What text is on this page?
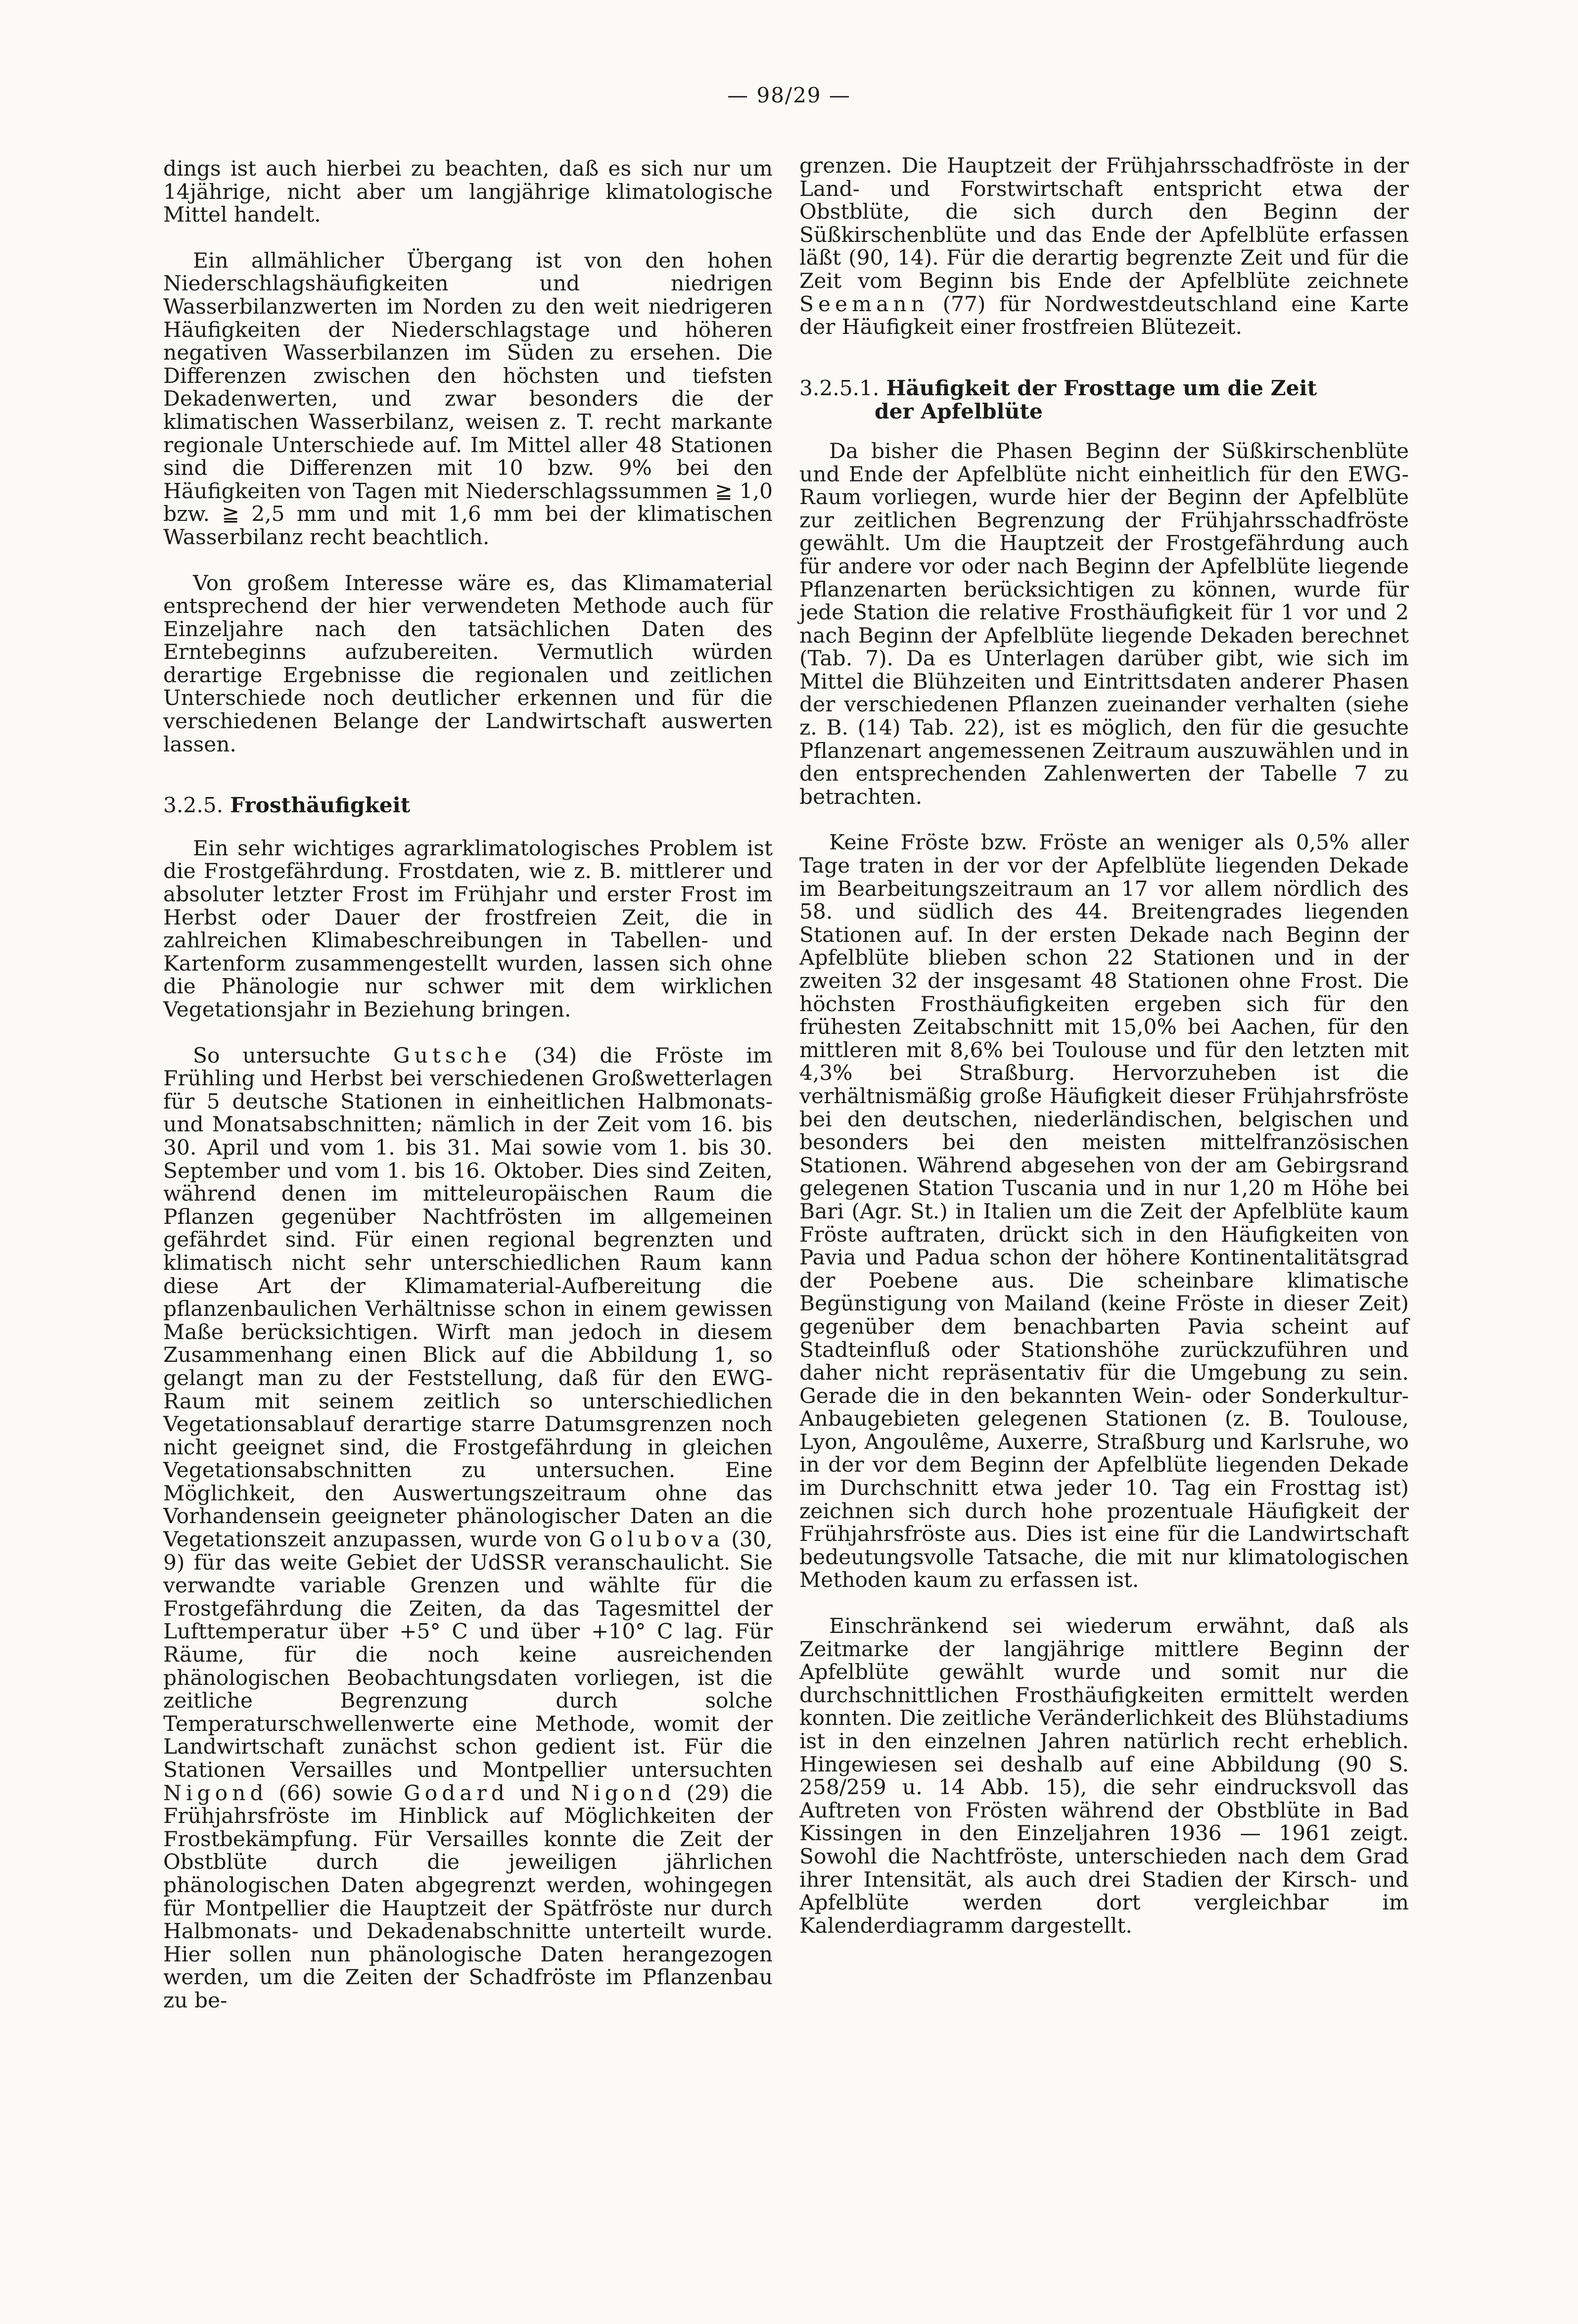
— 98/29 —

dings ist auch hierbei zu beachten, daß es sich nur um 14jährige, nicht aber um langjährige klimatologische Mittel handelt.

Ein allmählicher Übergang ist von den hohen Niederschlagshäufigkeiten und niedrigen Wasserbilanzwerten im Norden zu den weit niedrigeren Häufigkeiten der Niederschlagstage und höheren negativen Wasserbilanzen im Süden zu ersehen. Die Differenzen zwischen den höchsten und tiefsten Dekadenwerten, und zwar besonders die der klimatischen Wasserbilanz, weisen z. T. recht markante regionale Unterschiede auf. Im Mittel aller 48 Stationen sind die Differenzen mit 10 bzw. 9% bei den Häufigkeiten von Tagen mit Niederschlagssummen ≧ 1,0 bzw. ≧ 2,5 mm und mit 1,6 mm bei der klimatischen Wasserbilanz recht beachtlich.

Von großem Interesse wäre es, das Klimamaterial entsprechend der hier verwendeten Methode auch für Einzeljahre nach den tatsächlichen Daten des Erntebeginns aufzubereiten. Vermutlich würden derartige Ergebnisse die regionalen und zeitlichen Unterschiede noch deutlicher erkennen und für die verschiedenen Belange der Landwirtschaft auswerten lassen.

3.2.5. Frosthäufigkeit

Ein sehr wichtiges agrarklimatologisches Problem ist die Frostgefährdung. Frostdaten, wie z. B. mittlerer und absoluter letzter Frost im Frühjahr und erster Frost im Herbst oder Dauer der frostfreien Zeit, die in zahlreichen Klimabeschreibungen in Tabellen- und Kartenform zusammengestellt wurden, lassen sich ohne die Phänologie nur schwer mit dem wirklichen Vegetationsjahr in Beziehung bringen.

So untersuchte Gutsche (34) die Fröste im Frühling und Herbst bei verschiedenen Großwetterlagen für 5 deutsche Stationen in einheitlichen Halbmonats- und Monatsabschnitten; nämlich in der Zeit vom 16. bis 30. April und vom 1. bis 31. Mai sowie vom 1. bis 30. September und vom 1. bis 16. Oktober. Dies sind Zeiten, während denen im mitteleuropäischen Raum die Pflanzen gegenüber Nachtfrösten im allgemeinen gefährdet sind. Für einen regional begrenzten und klimatisch nicht sehr unterschiedlichen Raum kann diese Art der Klimamaterial-Aufbereitung die pflanzenbaulichen Verhältnisse schon in einem gewissen Maße berücksichtigen. Wirft man jedoch in diesem Zusammenhang einen Blick auf die Abbildung 1, so gelangt man zu der Feststellung, daß für den EWG-Raum mit seinem zeitlich so unterschiedlichen Vegetationsablauf derartige starre Datumsgrenzen noch nicht geeignet sind, die Frostgefährdung in gleichen Vegetationsabschnitten zu untersuchen. Eine Möglichkeit, den Auswertungszeitraum ohne das Vorhandensein geeigneter phänologischer Daten an die Vegetationszeit anzupassen, wurde von Golubova (30, 9) für das weite Gebiet der UdSSR veranschaulicht. Sie verwandte variable Grenzen und wählte für die Frostgefährdung die Zeiten, da das Tagesmittel der Lufttemperatur über +5° C und über +10° C lag. Für Räume, für die noch keine ausreichenden phänologischen Beobachtungsdaten vorliegen, ist die zeitliche Begrenzung durch solche Temperaturschwellenwerte eine Methode, womit der Landwirtschaft zunächst schon gedient ist. Für die Stationen Versailles und Montpellier untersuchten Nigond (66) sowie Godard und Nigond (29) die Frühjahrsfröste im Hinblick auf Möglichkeiten der Frostbekämpfung. Für Versailles konnte die Zeit der Obstblüte durch die jeweiligen jährlichen phänologischen Daten abgegrenzt werden, wohingegen für Montpellier die Hauptzeit der Spätfröste nur durch Halbmonats- und Dekadenabschnitte unterteilt wurde. Hier sollen nun phänologische Daten herangezogen werden, um die Zeiten der Schadfröste im Pflanzenbau zu be-

grenzen. Die Hauptzeit der Frühjahrsschadfröste in der Land- und Forstwirtschaft entspricht etwa der Obstblüte, die sich durch den Beginn der Süßkirschenblüte und das Ende der Apfelblüte erfassen läßt (90, 14). Für die derartig begrenzte Zeit und für die Zeit vom Beginn bis Ende der Apfelblüte zeichnete Seemann (77) für Nordwestdeutschland eine Karte der Häufigkeit einer frostfreien Blütezeit.

3.2.5.1. Häufigkeit der Frosttage um die Zeit
der Apfelblüte

Da bisher die Phasen Beginn der Süßkirschenblüte und Ende der Apfelblüte nicht einheitlich für den EWG-Raum vorliegen, wurde hier der Beginn der Apfelblüte zur zeitlichen Begrenzung der Frühjahrsschadfröste gewählt. Um die Hauptzeit der Frostgefährdung auch für andere vor oder nach Beginn der Apfelblüte liegende Pflanzenarten berücksichtigen zu können, wurde für jede Station die relative Frosthäufigkeit für 1 vor und 2 nach Beginn der Apfelblüte liegende Dekaden berechnet (Tab. 7). Da es Unterlagen darüber gibt, wie sich im Mittel die Blühzeiten und Eintrittsdaten anderer Phasen der verschiedenen Pflanzen zueinander verhalten (siehe z. B. (14) Tab. 22), ist es möglich, den für die gesuchte Pflanzenart angemessenen Zeitraum auszuwählen und in den entsprechenden Zahlenwerten der Tabelle 7 zu betrachten.

Keine Fröste bzw. Fröste an weniger als 0,5% aller Tage traten in der vor der Apfelblüte liegenden Dekade im Bearbeitungszeitraum an 17 vor allem nördlich des 58. und südlich des 44. Breitengrades liegenden Stationen auf. In der ersten Dekade nach Beginn der Apfelblüte blieben schon 22 Stationen und in der zweiten 32 der insgesamt 48 Stationen ohne Frost. Die höchsten Frosthäufigkeiten ergeben sich für den frühesten Zeitabschnitt mit 15,0% bei Aachen, für den mittleren mit 8,6% bei Toulouse und für den letzten mit 4,3% bei Straßburg. Hervorzuheben ist die verhältnismäßig große Häufigkeit dieser Frühjahrsfröste bei den deutschen, niederländischen, belgischen und besonders bei den meisten mittelfranzösischen Stationen. Während abgesehen von der am Gebirgsrand gelegenen Station Tuscania und in nur 1,20 m Höhe bei Bari (Agr. St.) in Italien um die Zeit der Apfelblüte kaum Fröste auftraten, drückt sich in den Häufigkeiten von Pavia und Padua schon der höhere Kontinentalitätsgrad der Poebene aus. Die scheinbare klimatische Begünstigung von Mailand (keine Fröste in dieser Zeit) gegenüber dem benachbarten Pavia scheint auf Stadteinfluß oder Stationshöhe zurückzuführen und daher nicht repräsentativ für die Umgebung zu sein. Gerade die in den bekannten Wein- oder Sonderkultur-Anbaugebieten gelegenen Stationen (z. B. Toulouse, Lyon, Angoulême, Auxerre, Straßburg und Karlsruhe, wo in der vor dem Beginn der Apfelblüte liegenden Dekade im Durchschnitt etwa jeder 10. Tag ein Frosttag ist) zeichnen sich durch hohe prozentuale Häufigkeit der Frühjahrsfröste aus. Dies ist eine für die Landwirtschaft bedeutungsvolle Tatsache, die mit nur klimatologischen Methoden kaum zu erfassen ist.

Einschränkend sei wiederum erwähnt, daß als Zeitmarke der langjährige mittlere Beginn der Apfelblüte gewählt wurde und somit nur die durchschnittlichen Frosthäufigkeiten ermittelt werden konnten. Die zeitliche Veränderlichkeit des Blühstadiums ist in den einzelnen Jahren natürlich recht erheblich. Hingewiesen sei deshalb auf eine Abbildung (90 S. 258/259 u. 14 Abb. 15), die sehr eindrucksvoll das Auftreten von Frösten während der Obstblüte in Bad Kissingen in den Einzeljahren 1936 — 1961 zeigt. Sowohl die Nachtfröste, unterschieden nach dem Grad ihrer Intensität, als auch drei Stadien der Kirsch- und Apfelblüte werden dort vergleichbar im Kalenderdiagramm dargestellt.
